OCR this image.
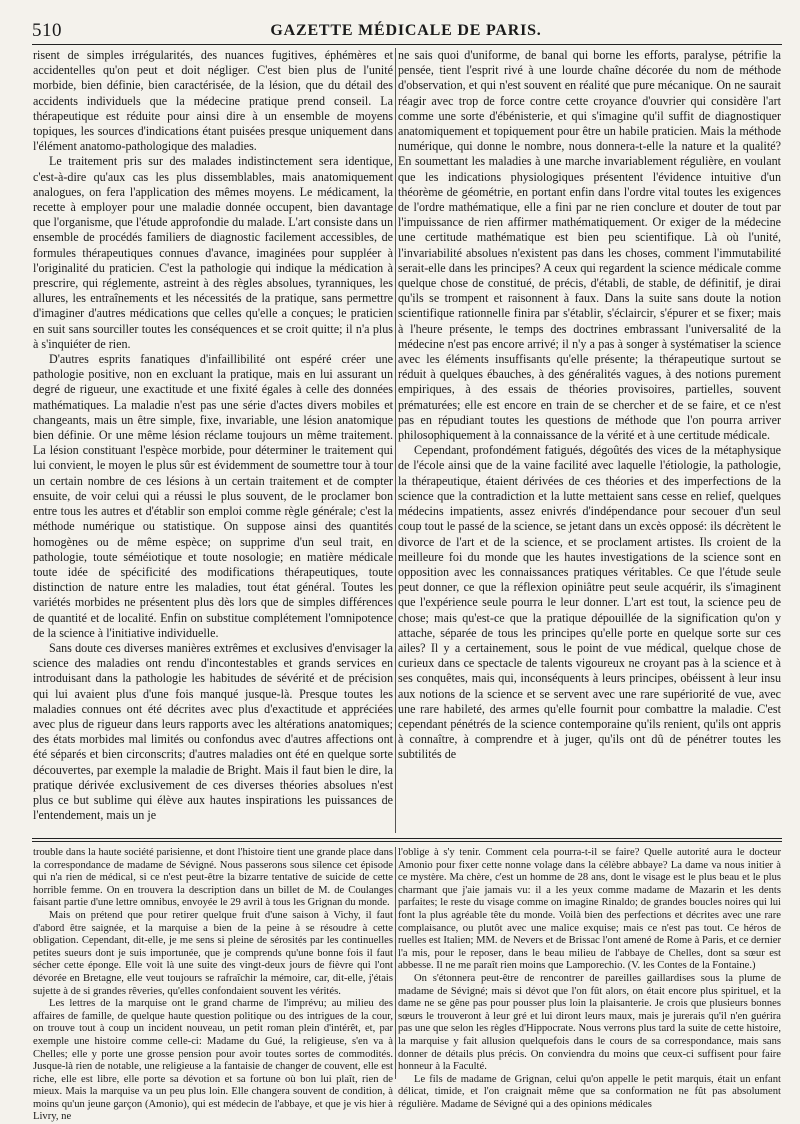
510	GAZETTE MÉDICALE DE PARIS.

risent de simples irrégularités, des nuances fugitives, éphémères et accidentelles qu'on peut et doit négliger. C'est bien plus de l'unité morbide, bien définie, bien caractérisée, de la lésion, que du détail des accidents individuels que la médecine pratique prend conseil. La thérapeutique est réduite pour ainsi dire à un ensemble de moyens topiques, les sources d'indications étant puisées presque uniquement dans l'élément anatomo-pathologique des maladies.

Le traitement pris sur des malades indistinctement sera identique, c'est-à-dire qu'aux cas les plus dissemblables, mais anatomiquement analogues, on fera l'application des mêmes moyens. Le médicament, la recette à employer pour une maladie donnée occupent, bien davantage que l'organisme, que l'étude approfondie du malade. L'art consiste dans un ensemble de procédés familiers de diagnostic facilement accessibles, de formules thérapeutiques connues d'avance, imaginées pour suppléer à l'originalité du praticien. C'est la pathologie qui indique la médication à prescrire, qui réglemente, astreint à des règles absolues, tyranniques, les allures, les entraînements et les nécessités de la pratique, sans permettre d'imaginer d'autres médications que celles qu'elle a conçues; le praticien en suit sans sourciller toutes les conséquences et se croit quitte; il n'a plus à s'inquiéter de rien.

D'autres esprits fanatiques d'infaillibilité ont espéré créer une pathologie positive, non en excluant la pratique, mais en lui assurant un degré de rigueur, une exactitude et une fixité égales à celle des données mathématiques. La maladie n'est pas une série d'actes divers mobiles et changeants, mais un être simple, fixe, invariable, une lésion anatomique bien définie. Or une même lésion réclame toujours un même traitement. La lésion constituant l'espèce morbide, pour déterminer le traitement qui lui convient, le moyen le plus sûr est évidemment de soumettre tour à tour un certain nombre de ces lésions à un certain traitement et de compter ensuite, de voir celui qui a réussi le plus souvent, de le proclamer bon entre tous les autres et d'établir son emploi comme règle générale; c'est la méthode numérique ou statistique. On suppose ainsi des quantités homogènes ou de même espèce; on supprime d'un seul trait, en pathologie, toute séméiotique et toute nosologie; en matière médicale toute idée de spécificité des modifications thérapeutiques, toute distinction de nature entre les maladies, tout état général. Toutes les variétés morbides ne présentent plus dès lors que de simples différences de quantité et de localité. Enfin on substitue complétement l'omnipotence de la science à l'initiative individuelle.

Sans doute ces diverses manières extrêmes et exclusives d'envisager la science des maladies ont rendu d'incontestables et grands services en introduisant dans la pathologie les habitudes de sévérité et de précision qui lui avaient plus d'une fois manqué jusque-là. Presque toutes les maladies connues ont été décrites avec plus d'exactitude et appréciées avec plus de rigueur dans leurs rapports avec les altérations anatomiques; des états morbides mal limités ou confondus avec d'autres affections ont été séparés et bien circonscrits; d'autres maladies ont été en quelque sorte découvertes, par exemple la maladie de Bright. Mais il faut bien le dire, la pratique dérivée exclusivement de ces diverses théories absolues n'est plus ce but sublime qui élève aux hautes inspirations les puissances de l'entendement, mais un je

ne sais quoi d'uniforme, de banal qui borne les efforts, paralyse, pétrifie la pensée, tient l'esprit rivé à une lourde chaîne décorée du nom de méthode d'observation, et qui n'est souvent en réalité que pure mécanique. On ne saurait réagir avec trop de force contre cette croyance d'ouvrier qui considère l'art comme une sorte d'ébénisterie, et qui s'imagine qu'il suffit de diagnostiquer anatomiquement et topiquement pour être un habile praticien. Mais la méthode numérique, qui donne le nombre, nous donnera-t-elle la nature et la qualité? En soumettant les maladies à une marche invariablement régulière, en voulant que les indications physiologiques présentent l'évidence intuitive d'un théorème de géométrie, en portant enfin dans l'ordre vital toutes les exigences de l'ordre mathématique, elle a fini par ne rien conclure et douter de tout par l'impuissance de rien affirmer mathématiquement. Or exiger de la médecine une certitude mathématique est bien peu scientifique. Là où l'unité, l'invariabilité absolues n'existent pas dans les choses, comment l'immutabilité serait-elle dans les principes? A ceux qui regardent la science médicale comme quelque chose de constitué, de précis, d'établi, de stable, de définitif, je dirai qu'ils se trompent et raisonnent à faux. Dans la suite sans doute la notion scientifique rationnelle finira par s'établir, s'éclaircir, s'épurer et se fixer; mais à l'heure présente, le temps des doctrines embrassant l'universalité de la médecine n'est pas encore arrivé; il n'y a pas à songer à systématiser la science avec les éléments insuffisants qu'elle présente; la thérapeutique surtout se réduit à quelques ébauches, à des généralités vagues, à des notions purement empiriques, à des essais de théories provisoires, partielles, souvent prématurées; elle est encore en train de se chercher et de se faire, et ce n'est pas en répudiant toutes les questions de méthode que l'on pourra arriver philosophiquement à la connaissance de la vérité et à une certitude médicale.

Cependant, profondément fatigués, dégoûtés des vices de la métaphysique de l'école ainsi que de la vaine facilité avec laquelle l'étiologie, la pathologie, la thérapeutique, étaient dérivées de ces théories et des imperfections de la science que la contradiction et la lutte mettaient sans cesse en relief, quelques médecins impatients, assez enivrés d'indépendance pour secouer d'un seul coup tout le passé de la science, se jetant dans un excès opposé: ils décrètent le divorce de l'art et de la science, et se proclament artistes. Ils croient de la meilleure foi du monde que les hautes investigations de la science sont en opposition avec les connaissances pratiques véritables. Ce que l'étude seule peut donner, ce que la réflexion opiniâtre peut seule acquérir, ils s'imaginent que l'expérience seule pourra le leur donner. L'art est tout, la science peu de chose; mais qu'est-ce que la pratique dépouillée de la signification qu'on y attache, séparée de tous les principes qu'elle porte en quelque sorte sur ces ailes? Il y a certainement, sous le point de vue médical, quelque chose de curieux dans ce spectacle de talents vigoureux ne croyant pas à la science et à ses conquêtes, mais qui, inconséquents à leurs principes, obéissent à leur insu aux notions de la science et se servent avec une rare supériorité de vue, avec une rare habileté, des armes qu'elle fournit pour combattre la maladie. C'est cependant pénétrés de la science contemporaine qu'ils renient, qu'ils ont appris à connaître, à comprendre et à juger, qu'ils ont dû de pénétrer toutes les subtilités de

trouble dans la haute société parisienne, et dont l'histoire tient une grande place dans la correspondance de madame de Sévigné. Nous passerons sous silence cet épisode qui n'a rien de médical, si ce n'est peut-être la bizarre tentative de suicide de cette horrible femme. On en trouvera la description dans un billet de M. de Coulanges faisant partie d'une lettre omnibus, envoyée le 29 avril à tous les Grignan du monde.

Mais on prétend que pour retirer quelque fruit d'une saison à Vichy, il faut d'abord être saignée, et la marquise a bien de la peine à se résoudre à cette obligation. Cependant, dit-elle, je me sens si pleine de sérosités par les continuelles petites sueurs dont je suis importunée, que je comprends qu'une bonne fois il faut sécher cette éponge. Elle voit là une suite des vingt-deux jours de fièvre qui l'ont dévorée en Bretagne, elle veut toujours se rafraîchir la mémoire, car, dit-elle, j'étais sujette à de si grandes rêveries, qu'elles confondaient souvent les vérités.

Les lettres de la marquise ont le grand charme de l'imprévu; au milieu des affaires de famille, de quelque haute question politique ou des intrigues de la cour, on trouve tout à coup un incident nouveau, un petit roman plein d'intérêt, et, par exemple une histoire comme celle-ci: Madame du Gué, la religieuse, s'en va à Chelles; elle y porte une grosse pension pour avoir toutes sortes de commodités. Jusque-là rien de notable, une religieuse a la fantaisie de changer de couvent, elle est riche, elle est libre, elle porte sa dévotion et sa fortune où bon lui plaît, rien de mieux. Mais la marquise va un peu plus loin. Elle changera souvent de condition, à moins qu'un jeune garçon (Amonio), qui est médecin de l'abbaye, et que je vis hier à Livry, ne

l'oblige à s'y tenir. Comment cela pourra-t-il se faire? Quelle autorité aura le docteur Amonio pour fixer cette nonne volage dans la célèbre abbaye? La dame va nous initier à ce mystère. Ma chère, c'est un homme de 28 ans, dont le visage est le plus beau et le plus charmant que j'aie jamais vu: il a les yeux comme madame de Mazarin et les dents parfaites; le reste du visage comme on imagine Rinaldo; de grandes boucles noires qui lui font la plus agréable tête du monde. Voilà bien des perfections et décrites avec une rare complaisance, ou plutôt avec une malice exquise; mais ce n'est pas tout. Ce héros de ruelles est Italien; MM. de Nevers et de Brissac l'ont amené de Rome à Paris, et ce dernier l'a mis, pour le reposer, dans le beau milieu de l'abbaye de Chelles, dont sa sœur est abbesse. Il ne me paraît rien moins que Lamporechio. (V. les Contes de la Fontaine.)

On s'étonnera peut-être de rencontrer de pareilles gaillardises sous la plume de madame de Sévigné; mais si dévot que l'on fût alors, on était encore plus spirituel, et la dame ne se gêne pas pour pousser plus loin la plaisanterie. Je crois que plusieurs bonnes sœurs le trouveront à leur gré et lui diront leurs maux, mais je jurerais qu'il n'en guérira pas une que selon les règles d'Hippocrate. Nous verrons plus tard la suite de cette histoire, la marquise y fait allusion quelquefois dans le cours de sa correspondance, mais sans donner de détails plus précis. On conviendra du moins que ceux-ci suffisent pour faire honneur à la Faculté.

Le fils de madame de Grignan, celui qu'on appelle le petit marquis, était un enfant délicat, timide, et l'on craignait même que sa conformation ne fût pas absolument régulière. Madame de Sévigné qui a des opinions médicales
